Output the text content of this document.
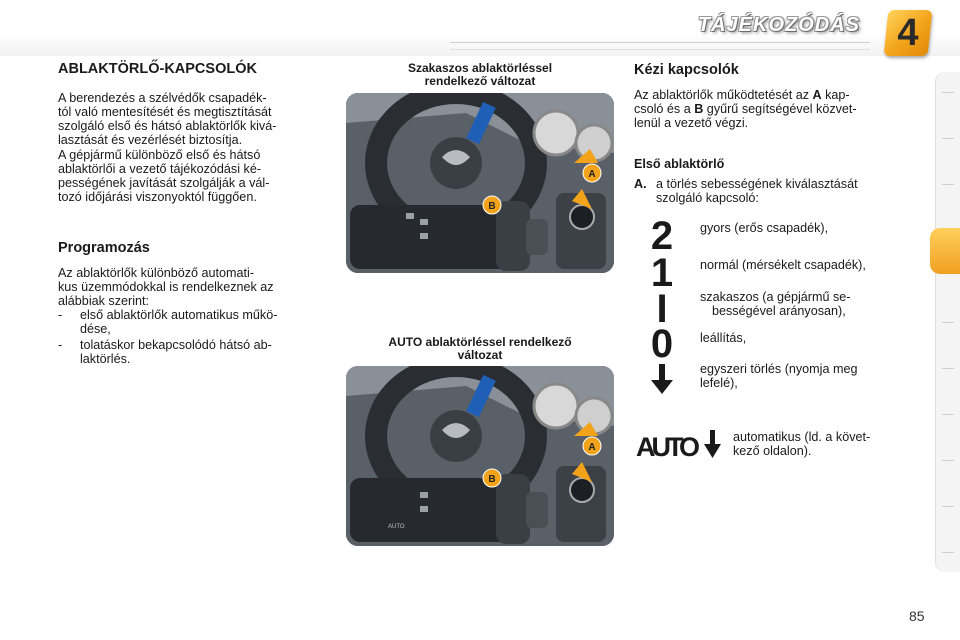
TÁJÉKOZÓDÁS 4
ABLAKTÖRLŐ-KAPCSOLÓK
A berendezés a szélvédők csapadék-
tól való mentesítését és megtisztítását
szolgáló első és hátsó ablaktörlők kivá-
lasztását és vezérlését biztosítja.
A gépjármű különböző első és hátsó
ablaktörlői a vezető tájékozódási ké-
pességének javítását szolgálják a vál-
tozó időjárási viszonyoktól függően.
Programozás
Az ablaktörlők különböző automati-
kus üzemmódokkal is rendelkeznek az
alábbiak szerint:
- első ablaktörlők automatikus műkö-
dése,
- tolatáskor bekapcsolódó hátsó ab-
laktörlés.
Szakaszos ablaktörléssel
rendelkező változat
A
B
AUTO ablaktörléssel rendelkező
változat
A
B
AUTO
Kézi kapcsolók
Az ablaktörlők működtetését az A kap-
csoló és a B gyűrű segítségével közvet-
lenül a vezető végzi.
Első ablaktörlő
A. a törlés sebességének kiválasztását
szolgáló kapcsoló:
2 gyors (erős csapadék),
1 normál (mérsékelt csapadék),
I	szakaszos (a gépjármű se-
bességével arányosan),
0 leállítás,
egyszeri törlés (nyomja meg
lefelé),
AUTO	automatikus (ld. a követ-
kező oldalon).
85
